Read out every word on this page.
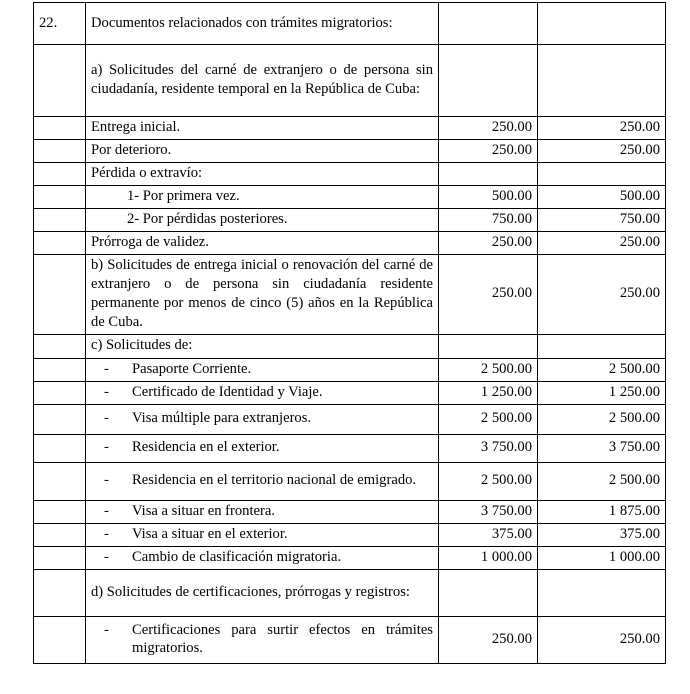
22.	Documentos relacionados con trámites migratorios:		

	a) Solicitudes del carné de extranjero o de persona sin ciudadanía, residente temporal en la República de Cuba:		

	Entrega inicial.	250.00	250.00

	Por deterioro.	250.00	250.00

	Pérdida o extravío:		

	1- Por primera vez.	500.00	500.00

	2- Por pérdidas posteriores.	750.00	750.00

	Prórroga de validez.	250.00	250.00

	b) Solicitudes de entrega inicial o renovación del carné de extranjero o de persona sin ciudadanía residente permanente por menos de cinco (5) años en la República de Cuba.	250.00	250.00

	c) Solicitudes de:		

	- Pasaporte Corriente.	2 500.00	2 500.00

	- Certificado de Identidad y Viaje.	1 250.00	1 250.00

	- Visa múltiple para extranjeros.	2 500.00	2 500.00

	- Residencia en el exterior.	3 750.00	3 750.00

	- Residencia en el territorio nacional de emigrado.	2 500.00	2 500.00

	- Visa a situar en frontera.	3 750.00	1 875.00

	- Visa a situar en el exterior.	375.00	375.00

	- Cambio de clasificación migratoria.	1 000.00	1 000.00

	d) Solicitudes de certificaciones, prórrogas y registros:		

	- Certificaciones para surtir efectos en trámites migratorios.	250.00	250.00
